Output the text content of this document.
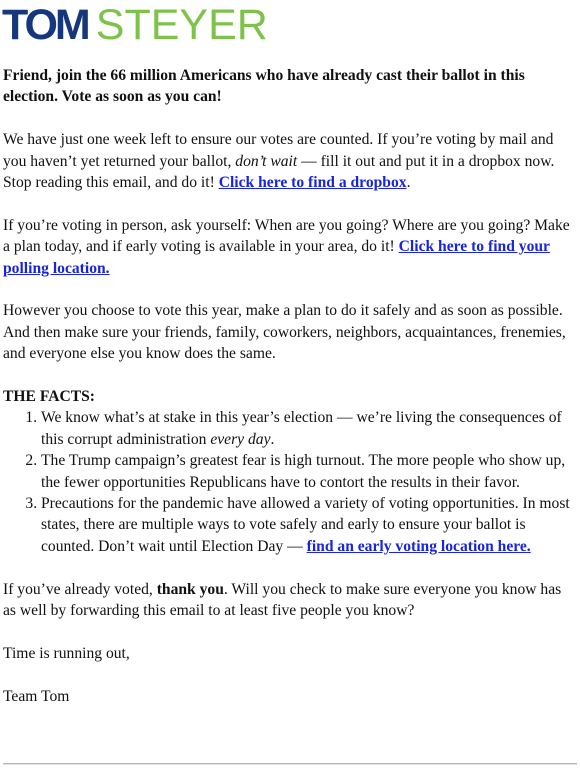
TOM STEYER

Friend, join the 66 million Americans who have already cast their ballot in this election. Vote as soon as you can!

We have just one week left to ensure our votes are counted. If you’re voting by mail and you haven’t yet returned your ballot, don’t wait — fill it out and put it in a dropbox now. Stop reading this email, and do it! Click here to find a dropbox.

If you’re voting in person, ask yourself: When are you going? Where are you going? Make a plan today, and if early voting is available in your area, do it! Click here to find your polling location.

However you choose to vote this year, make a plan to do it safely and as soon as possible. And then make sure your friends, family, coworkers, neighbors, acquaintances, frenemies, and everyone else you know does the same.

THE FACTS:
1. We know what’s at stake in this year’s election — we’re living the consequences of this corrupt administration every day.
2. The Trump campaign’s greatest fear is high turnout. The more people who show up, the fewer opportunities Republicans have to contort the results in their favor.
3. Precautions for the pandemic have allowed a variety of voting opportunities. In most states, there are multiple ways to vote safely and early to ensure your ballot is counted. Don’t wait until Election Day — find an early voting location here.

If you’ve already voted, thank you. Will you check to make sure everyone you know has as well by forwarding this email to at least five people you know?

Time is running out,

Team Tom
